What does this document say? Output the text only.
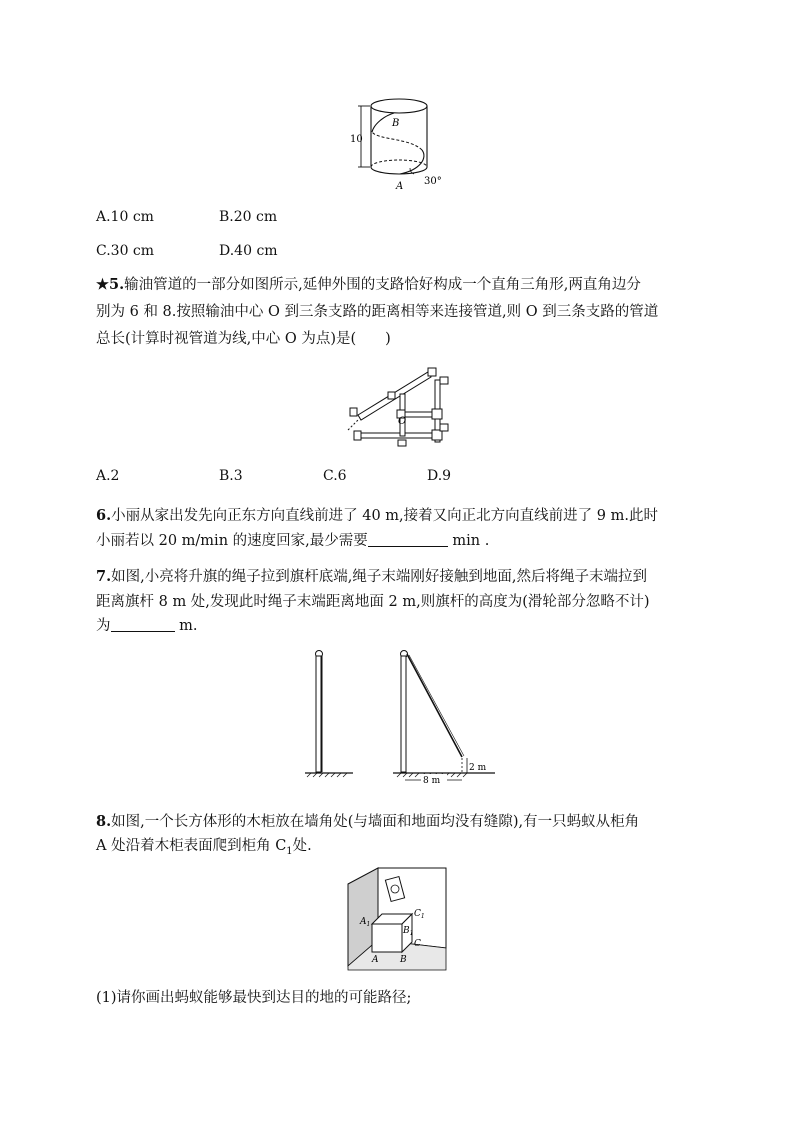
10
B
A 30°
A.10 cm	B.20 cm
C.30 cm	D.40 cm
★5.输油管道的一部分如图所示,延伸外围的支路恰好构成一个直角三角形,两直角边分
别为 6 和 8.按照输油中心 O 到三条支路的距离相等来连接管道,则 O 到三条支路的管道
总长(计算时视管道为线,中心 O 为点)是(　　)
O
A.2	B.3	C.6	D.9
6.小丽从家出发先向正东方向直线前进了 40 m,接着又向正北方向直线前进了 9 m.此时
小丽若以 20 m/min 的速度回家,最少需要	min .
7.如图,小亮将升旗的绳子拉到旗杆底端,绳子末端刚好接触到地面,然后将绳子末端拉到
距离旗杆 8 m 处,发现此时绳子末端距离地面 2 m,则旗杆的高度为(滑轮部分忽略不计)
为	m.
2 m
8 m
8.如图,一个长方体形的木柜放在墙角处(与墙面和地面均没有缝隙),有一只蚂蚁从柜角
A 处沿着木柜表面爬到柜角 $C_1$处.
$A_1$
$C_1$
$B_1$
C
A B
(1)请你画出蚂蚁能够最快到达目的地的可能路径;
